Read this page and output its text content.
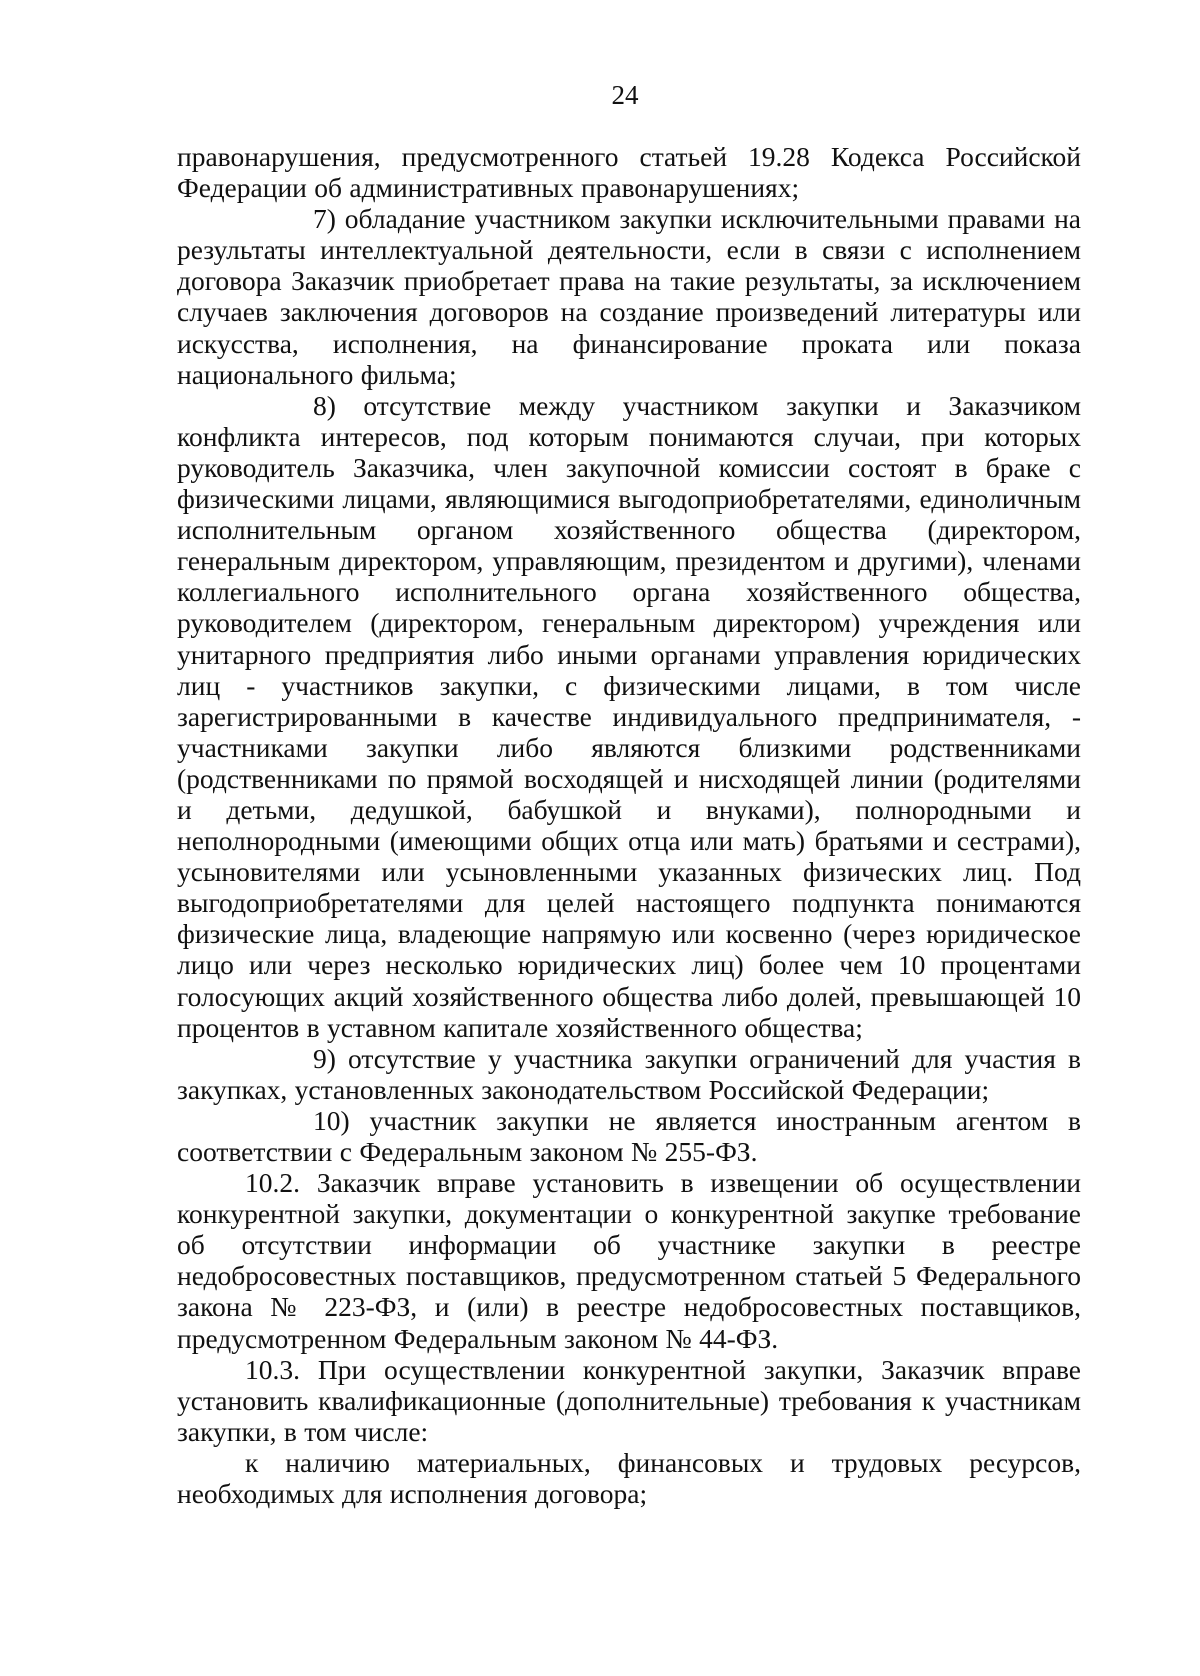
24

правонарушения, предусмотренного статьей 19.28 Кодекса Российской Федерации об административных правонарушениях;

7) обладание участником закупки исключительными правами на результаты интеллектуальной деятельности, если в связи с исполнением договора Заказчик приобретает права на такие результаты, за исключением случаев заключения договоров на создание произведений литературы или искусства, исполнения, на финансирование проката или показа национального фильма;

8) отсутствие между участником закупки и Заказчиком конфликта интересов, под которым понимаются случаи, при которых руководитель Заказчика, член закупочной комиссии состоят в браке с физическими лицами, являющимися выгодоприобретателями, единоличным исполнительным органом хозяйственного общества (директором, генеральным директором, управляющим, президентом и другими), членами коллегиального исполнительного органа хозяйственного общества, руководителем (директором, генеральным директором) учреждения или унитарного предприятия либо иными органами управления юридических лиц - участников закупки, с физическими лицами, в том числе зарегистрированными в качестве индивидуального предпринимателя, - участниками закупки либо являются близкими родственниками (родственниками по прямой восходящей и нисходящей линии (родителями и детьми, дедушкой, бабушкой и внуками), полнородными и неполнородными (имеющими общих отца или мать) братьями и сестрами), усыновителями или усыновленными указанных физических лиц. Под выгодоприобретателями для целей настоящего подпункта понимаются физические лица, владеющие напрямую или косвенно (через юридическое лицо или через несколько юридических лиц) более чем 10 процентами голосующих акций хозяйственного общества либо долей, превышающей 10 процентов в уставном капитале хозяйственного общества;

9) отсутствие у участника закупки ограничений для участия в закупках, установленных законодательством Российской Федерации;

10) участник закупки не является иностранным агентом в соответствии с Федеральным законом № 255-ФЗ.

10.2. Заказчик вправе установить в извещении об осуществлении конкурентной закупки, документации о конкурентной закупке требование об отсутствии информации об участнике закупки в реестре недобросовестных поставщиков, предусмотренном статьей 5 Федерального закона № 223-ФЗ, и (или) в реестре недобросовестных поставщиков, предусмотренном Федеральным законом № 44-ФЗ.

10.3. При осуществлении конкурентной закупки, Заказчик вправе установить квалификационные (дополнительные) требования к участникам закупки, в том числе:

к наличию материальных, финансовых и трудовых ресурсов, необходимых для исполнения договора;
